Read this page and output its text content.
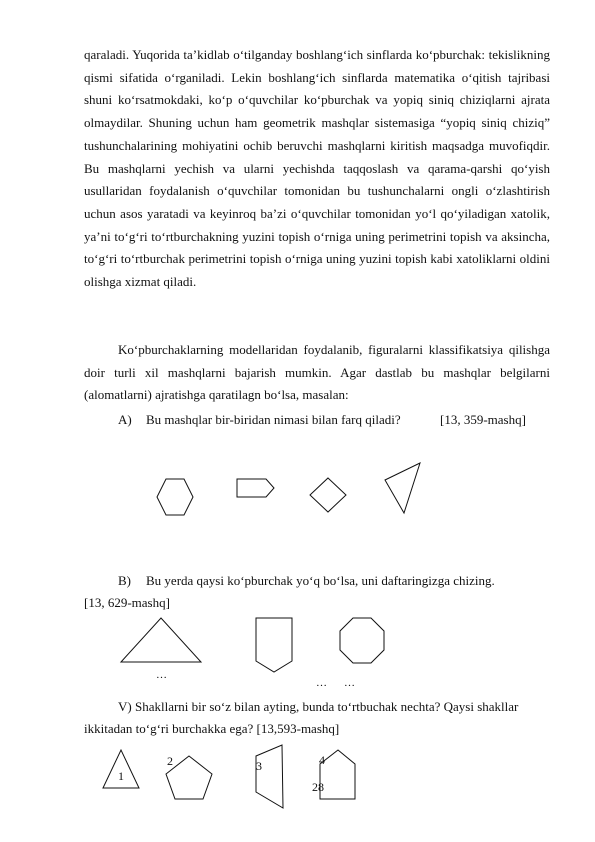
qaraladi. Yuqorida ta’kidlab o‘tilganday boshlang‘ich sinflarda ko‘pburchak: tekislikning qismi sifatida o‘rganiladi. Lekin boshlang‘ich sinflarda matematika o‘qitish tajribasi shuni ko‘rsatmokdaki, ko‘p o‘quvchilar ko‘pburchak va yopiq siniq chiziqlarni ajrata olmaydilar. Shuning uchun ham geometrik mashqlar sistemasiga “yopiq siniq chiziq” tushunchalarining mohiyatini ochib beruvchi mashqlarni kiritish maqsadga muvofiqdir. Bu mashqlarni yechish va ularni yechishda taqqoslash va qarama-qarshi qo‘yish usullaridan foydalanish o‘quvchilar tomonidan bu tushunchalarni ongli o‘zlashtirish uchun asos yaratadi va keyinroq ba’zi o‘quvchilar tomonidan yo‘l qo‘yiladigan xatolik, ya’ni to‘g‘ri to‘rtburchakning yuzini topish o‘rniga uning perimetrini topish va aksincha, to‘g‘ri to‘rtburchak perimetrini topish o‘rniga uning yuzini topish kabi xatoliklarni oldini olishga xizmat qiladi.

Ko‘pburchaklarning modellaridan foydalanib, figuralarni klassifikatsiya qilishga doir turli xil mashqlarni bajarish mumkin. Agar dastlab bu mashqlar belgilarni (alomatlarni) ajratishga qaratilagn bo‘lsa, masalan:

A) Bu mashqlar bir-biridan nimasi bilan farq qiladi?	[13, 359-mashq]
B) Bu yerda qaysi ko‘pburchak yo‘q bo‘lsa, uni daftaringizga chizing.
[13, 629-mashq]
…
… …
V) Shakllarni bir so‘z bilan ayting, bunda to‘rtbuchak nechta? Qaysi shakllar
ikkitadan to‘g‘ri burchakka ega? [13,593-mashq]
1
2	3	4
28
